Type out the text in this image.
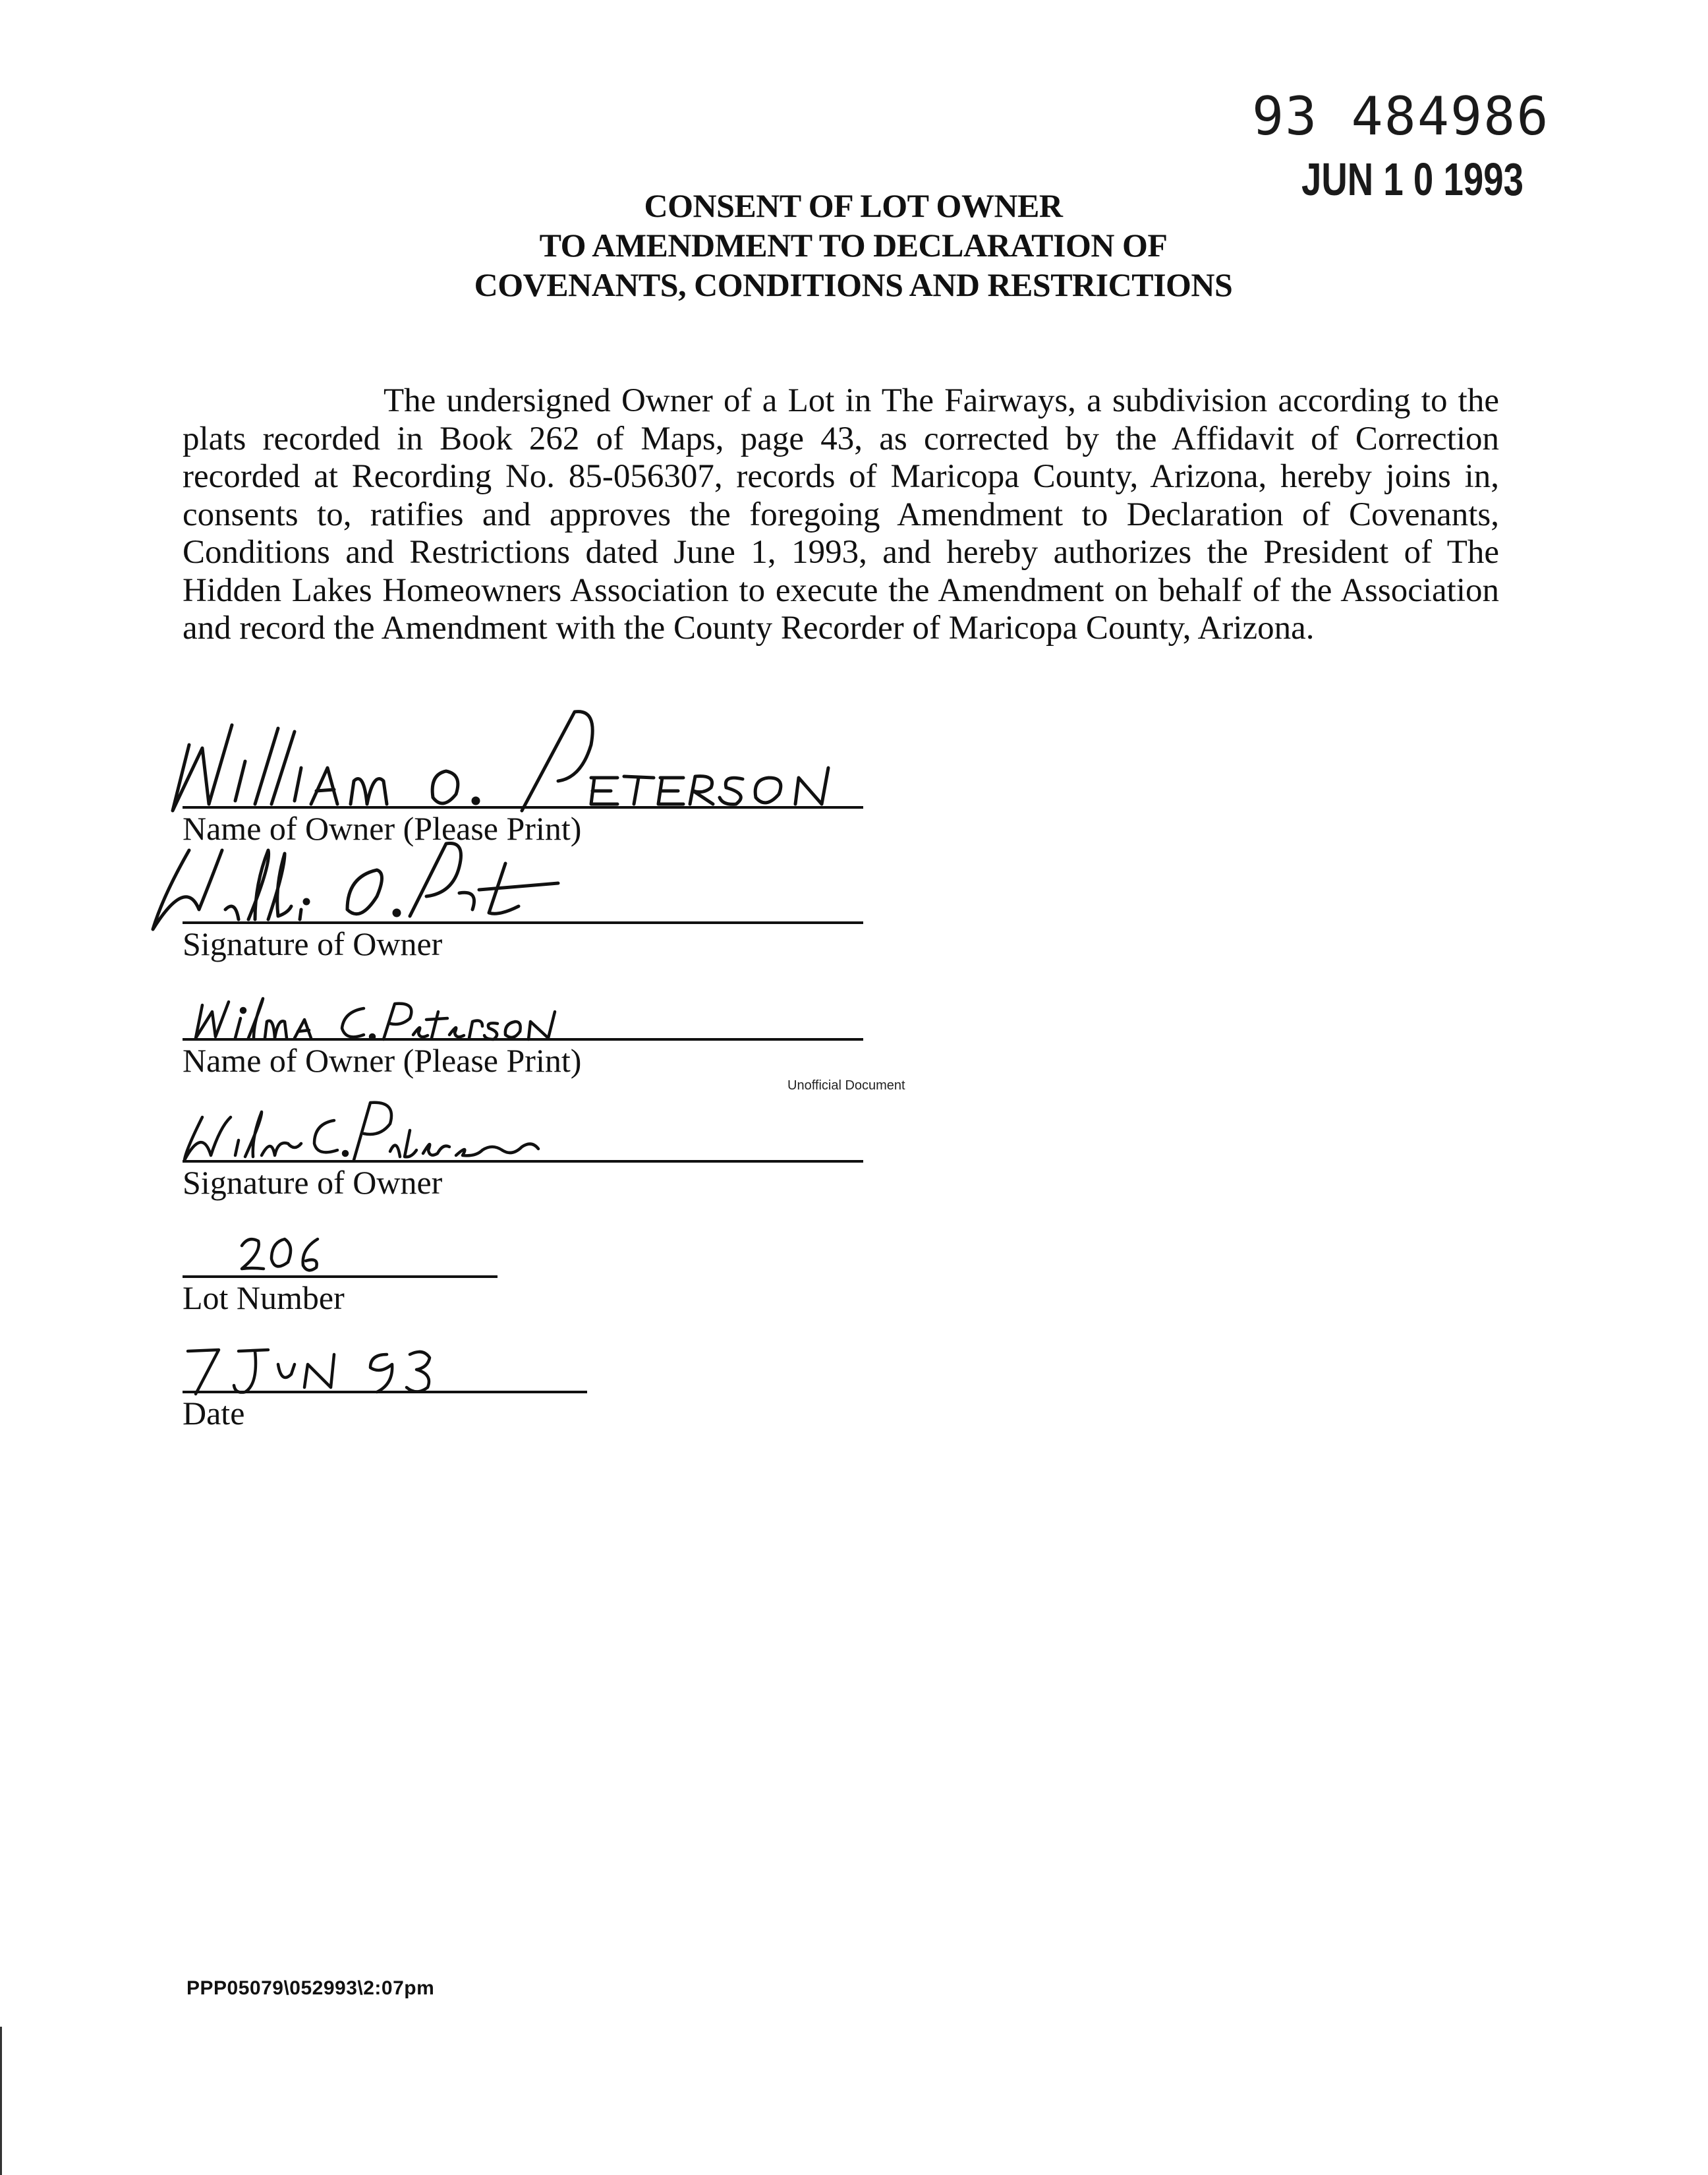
93 484986
JUN 1 0 1993
CONSENT OF LOT OWNER
TO AMENDMENT TO DECLARATION OF
COVENANTS, CONDITIONS AND RESTRICTIONS
The undersigned Owner of a Lot in The Fairways, a subdivision according to the plats recorded in Book 262 of Maps, page 43, as corrected by the Affidavit of Correction recorded at Recording No. 85-056307, records of Maricopa County, Arizona, hereby joins in, consents to, ratifies and approves the foregoing Amendment to Declaration of Covenants, Conditions and Restrictions dated June 1, 1993, and hereby authorizes the President of The Hidden Lakes Homeowners Association to execute the Amendment on behalf of the Association and record the Amendment with the County Recorder of Maricopa County, Arizona.
Name of Owner (Please Print)
Signature of Owner
Name of Owner (Please Print)
Unofficial Document
Signature of Owner
Lot Number
Date
PPP05079\052993\2:07pm
